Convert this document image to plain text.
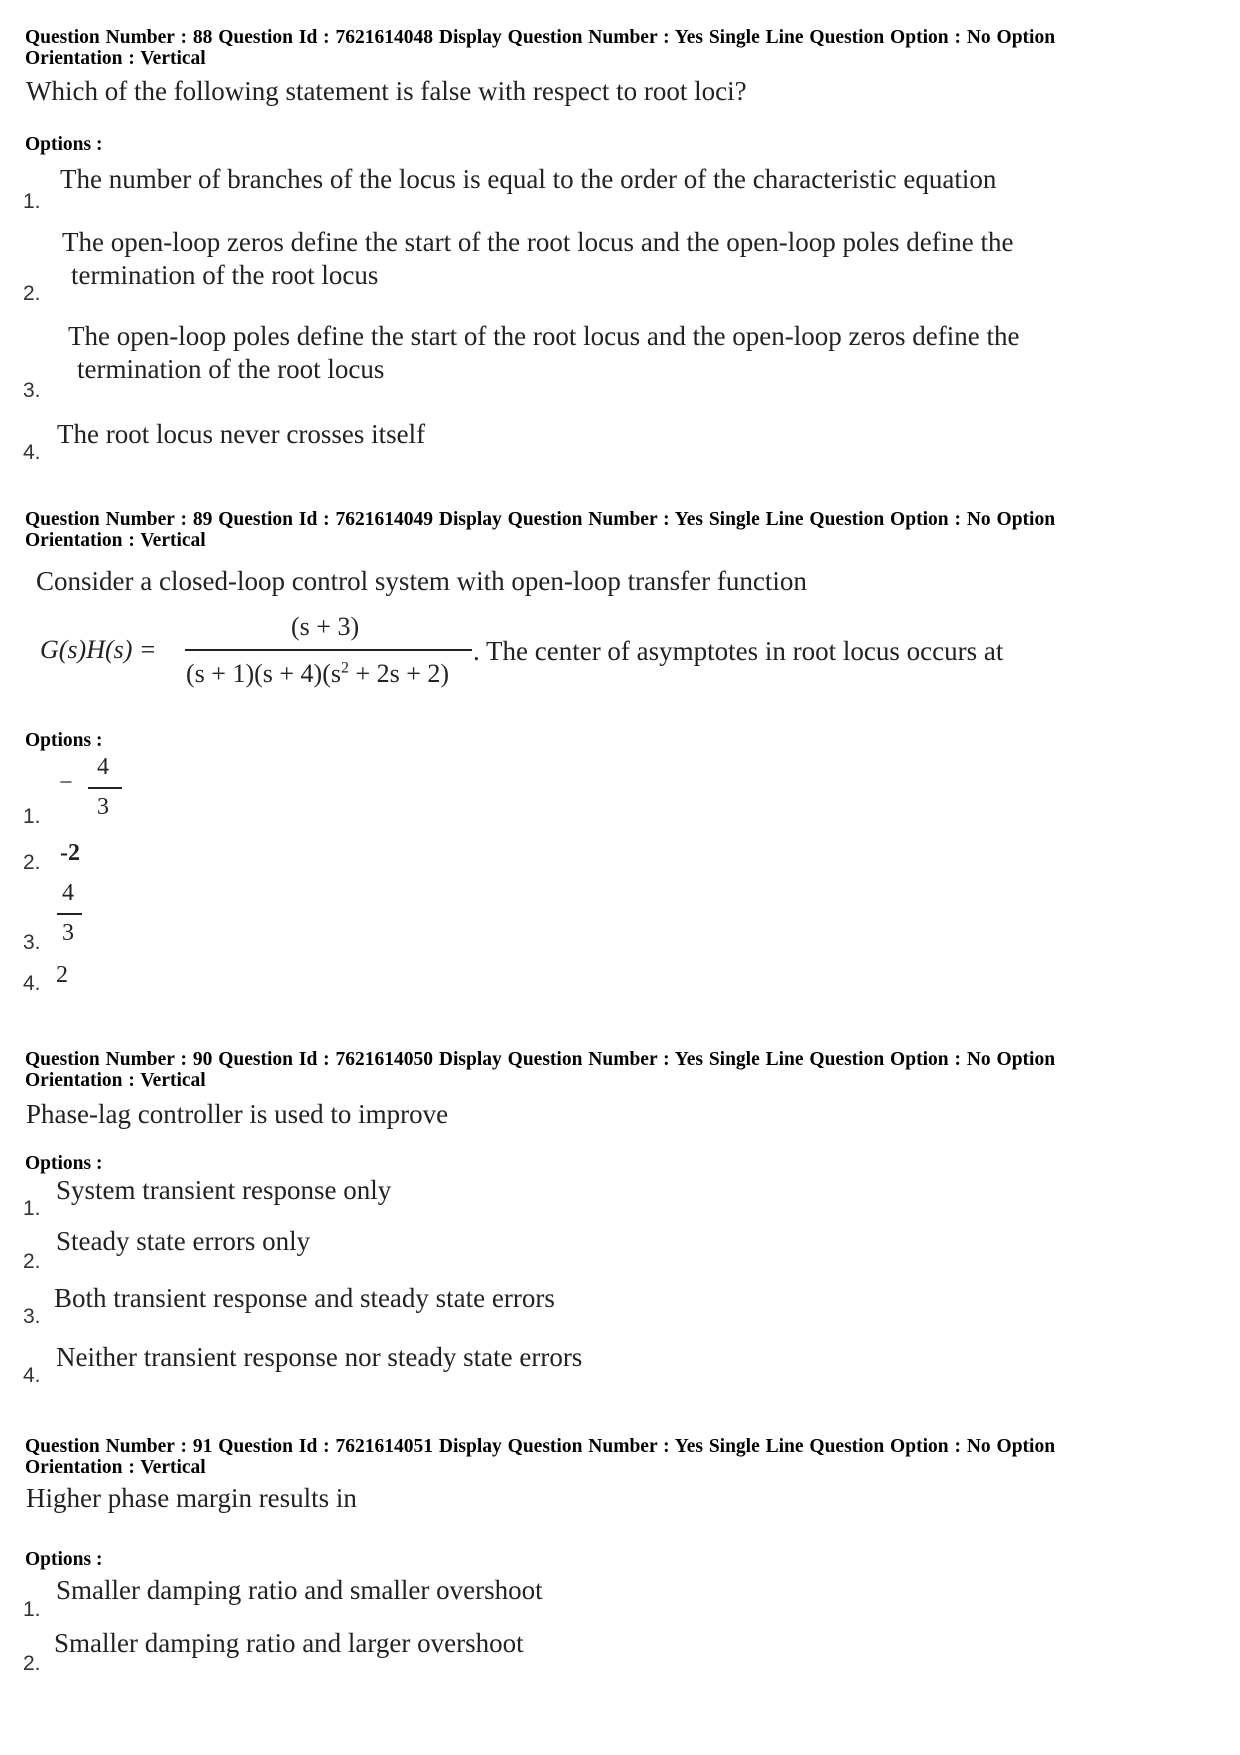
Question Number : 88 Question Id : 7621614048 Display Question Number : Yes Single Line Question Option : No Option
Orientation : Vertical
Which of the following statement is false with respect to root loci?
Options :
1.
The number of branches of the locus is equal to the order of the characteristic equation
2.
The open-loop zeros define the start of the root locus and the open-loop poles define the
termination of the root locus
3.
The open-loop poles define the start of the root locus and the open-loop zeros define the
termination of the root locus
4.
The root locus never crosses itself
Question Number : 89 Question Id : 7621614049 Display Question Number : Yes Single Line Question Option : No Option
Orientation : Vertical
Consider a closed-loop control system with open-loop transfer function
G(s)H(s) =
(s + 3)
$(s + 1)(s + 4)(s^2 + 2s + 2)$
. The center of asymptotes in root locus occurs at
Options :
1.
−
4
3
2. -2
3.
4
3
4. 2
Question Number : 90 Question Id : 7621614050 Display Question Number : Yes Single Line Question Option : No Option
Orientation : Vertical
Phase-lag controller is used to improve
Options :
1.
System transient response only
2.
Steady state errors only
3.
Both transient response and steady state errors
4.
Neither transient response nor steady state errors
Question Number : 91 Question Id : 7621614051 Display Question Number : Yes Single Line Question Option : No Option
Orientation : Vertical
Higher phase margin results in
Options :
1.
Smaller damping ratio and smaller overshoot
2.
Smaller damping ratio and larger overshoot
